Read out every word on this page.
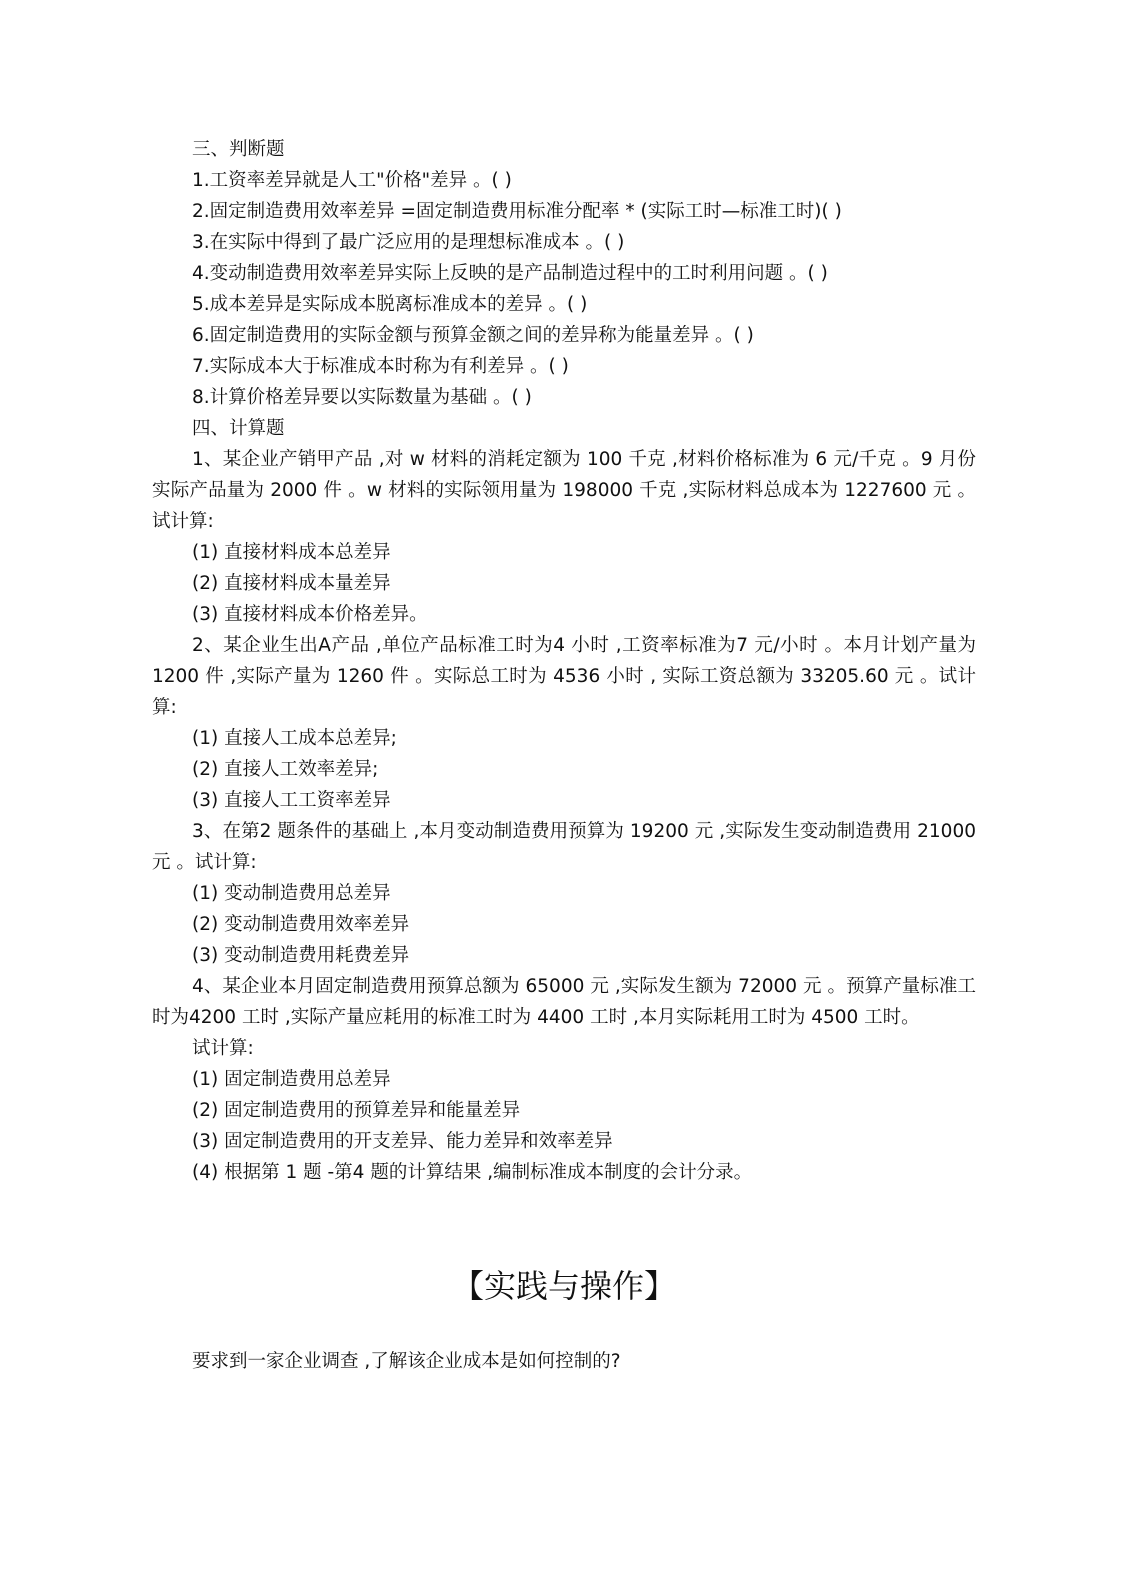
三、判断题
1.工资率差异就是人工"价格"差异 。( )
2.固定制造费用效率差异 =固定制造费用标准分配率 * (实际工时—标准工时)( )
3.在实际中得到了最广泛应用的是理想标准成本 。( )
4.变动制造费用效率差异实际上反映的是产品制造过程中的工时利用问题 。( )
5.成本差异是实际成本脱离标准成本的差异 。( )
6.固定制造费用的实际金额与预算金额之间的差异称为能量差异 。( )
7.实际成本大于标准成本时称为有利差异 。( )
8.计算价格差异要以实际数量为基础 。( )
四、计算题
1、某企业产销甲产品 ,对 w 材料的消耗定额为 100 千克 ,材料价格标准为 6 元/千克 。9 月份实际产品量为 2000 件 。w 材料的实际领用量为 198000 千克 ,实际材料总成本为 1227600 元 。试计算:
(1) 直接材料成本总差异
(2) 直接材料成本量差异
(3) 直接材料成本价格差异。
2、某企业生出A产品 ,单位产品标准工时为4 小时 ,工资率标准为7 元/小时 。本月计划产量为 1200 件 ,实际产量为 1260 件 。实际总工时为 4536 小时 , 实际工资总额为 33205.60 元 。试计算:
(1) 直接人工成本总差异;
(2) 直接人工效率差异;
(3) 直接人工工资率差异
3、在第2 题条件的基础上 ,本月变动制造费用预算为 19200 元 ,实际发生变动制造费用 21000 元 。试计算:
(1) 变动制造费用总差异
(2) 变动制造费用效率差异
(3) 变动制造费用耗费差异
4、某企业本月固定制造费用预算总额为 65000 元 ,实际发生额为 72000 元 。预算产量标准工时为4200 工时 ,实际产量应耗用的标准工时为 4400 工时 ,本月实际耗用工时为 4500 工时。
试计算:
(1) 固定制造费用总差异
(2) 固定制造费用的预算差异和能量差异
(3) 固定制造费用的开支差异、能力差异和效率差异
(4) 根据第 1 题 -第4 题的计算结果 ,编制标准成本制度的会计分录。
【实践与操作】
要求到一家企业调查 ,了解该企业成本是如何控制的?
